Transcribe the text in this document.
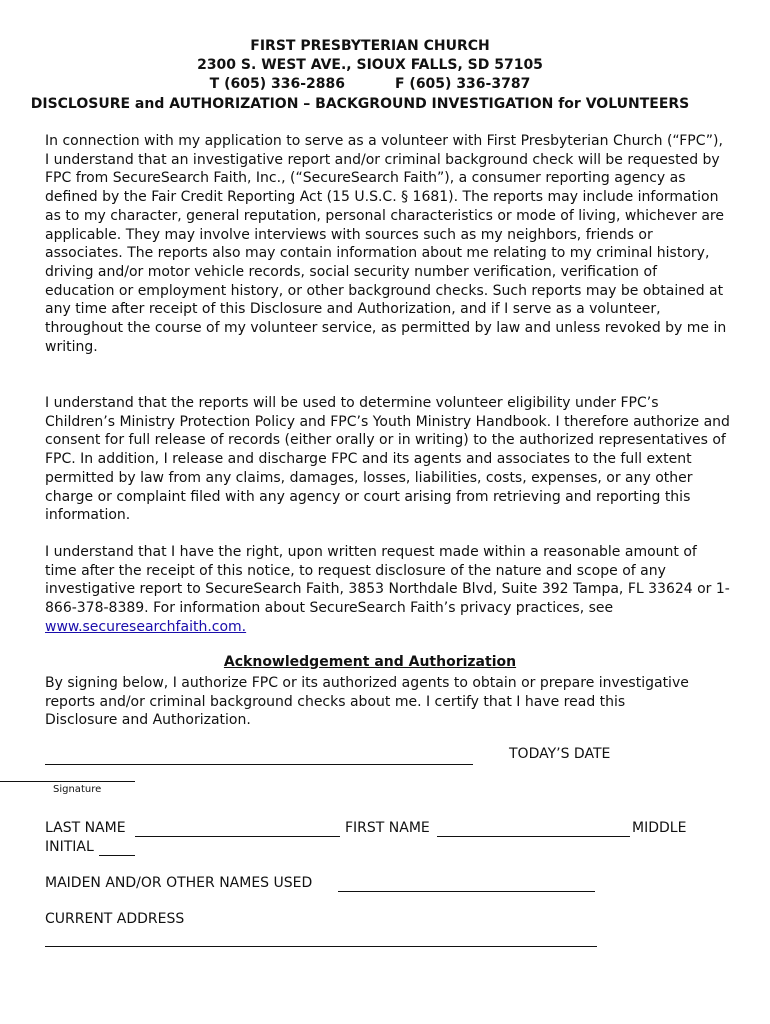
FIRST PRESBYTERIAN CHURCH
2300 S. WEST AVE., SIOUX FALLS, SD 57105
T (605) 336-2886	F (605) 336-3787
DISCLOSURE and AUTHORIZATION – BACKGROUND INVESTIGATION for VOLUNTEERS

In connection with my application to serve as a volunteer with First Presbyterian Church (“FPC”), I understand that an investigative report and/or criminal background check will be requested by FPC from SecureSearch Faith, Inc., (“SecureSearch Faith”), a consumer reporting agency as defined by the Fair Credit Reporting Act (15 U.S.C. § 1681). The reports may include information as to my character, general reputation, personal characteristics or mode of living, whichever are applicable. They may involve interviews with sources such as my neighbors, friends or associates. The reports also may contain information about me relating to my criminal history, driving and/or motor vehicle records, social security number verification, verification of education or employment history, or other background checks. Such reports may be obtained at any time after receipt of this Disclosure and Authorization, and if I serve as a volunteer, throughout the course of my volunteer service, as permitted by law and unless revoked by me in writing.

I understand that the reports will be used to determine volunteer eligibility under FPC’s Children’s Ministry Protection Policy and FPC’s Youth Ministry Handbook. I therefore authorize and consent for full release of records (either orally or in writing) to the authorized representatives of FPC. In addition, I release and discharge FPC and its agents and associates to the full extent permitted by law from any claims, damages, losses, liabilities, costs, expenses, or any other charge or complaint filed with any agency or court arising from retrieving and reporting this information.

I understand that I have the right, upon written request made within a reasonable amount of time after the receipt of this notice, to request disclosure of the nature and scope of any investigative report to SecureSearch Faith, 3853 Northdale Blvd, Suite 392 Tampa, FL 33624 or 1-866-378-8389. For information about SecureSearch Faith’s privacy practices, see www.securesearchfaith.com.

Acknowledgement and Authorization

By signing below, I authorize FPC or its authorized agents to obtain or prepare investigative reports and/or criminal background checks about me. I certify that I have read this Disclosure and Authorization.

TODAY’S DATE
Signature
LAST NAME	FIRST NAME	MIDDLE
INITIAL
MAIDEN AND/OR OTHER NAMES USED
CURRENT ADDRESS
